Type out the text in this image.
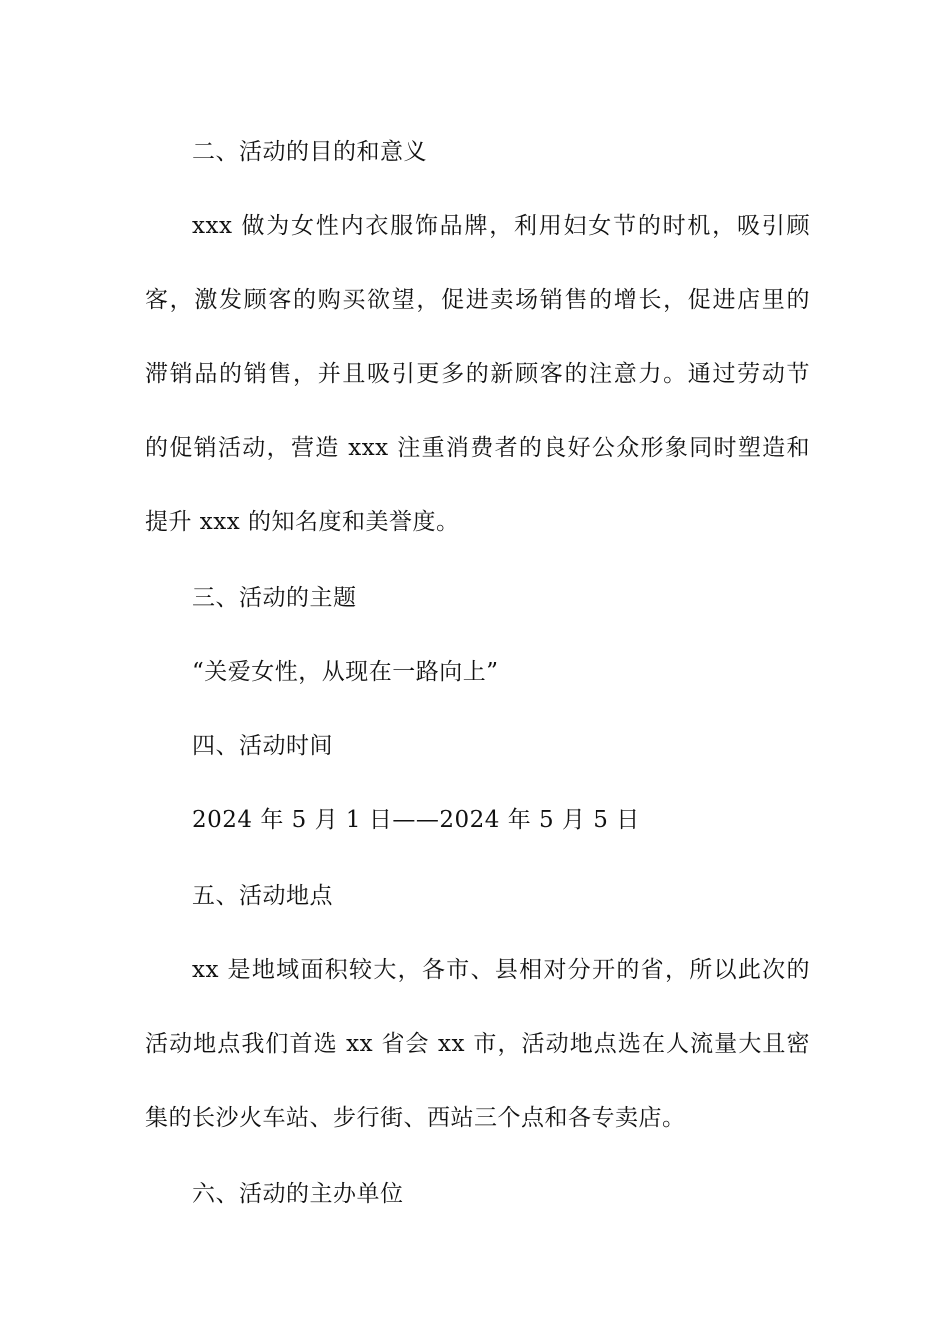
二、活动的目的和意义
xxx 做为女性内衣服饰品牌，利用妇女节的时机，吸引顾
客，激发顾客的购买欲望，促进卖场销售的增长，促进店里的
滞销品的销售，并且吸引更多的新顾客的注意力。通过劳动节
的促销活动，营造 xxx 注重消费者的良好公众形象同时塑造和
提升 xxx 的知名度和美誉度。
三、活动的主题
“关爱女性，从现在一路向上”
四、活动时间
2024 年 5 月 1 日——2024 年 5 月 5 日
五、活动地点
xx 是地域面积较大，各市、县相对分开的省，所以此次的
活动地点我们首选 xx 省会 xx 市，活动地点选在人流量大且密
集的长沙火车站、步行街、西站三个点和各专卖店。
六、活动的主办单位
